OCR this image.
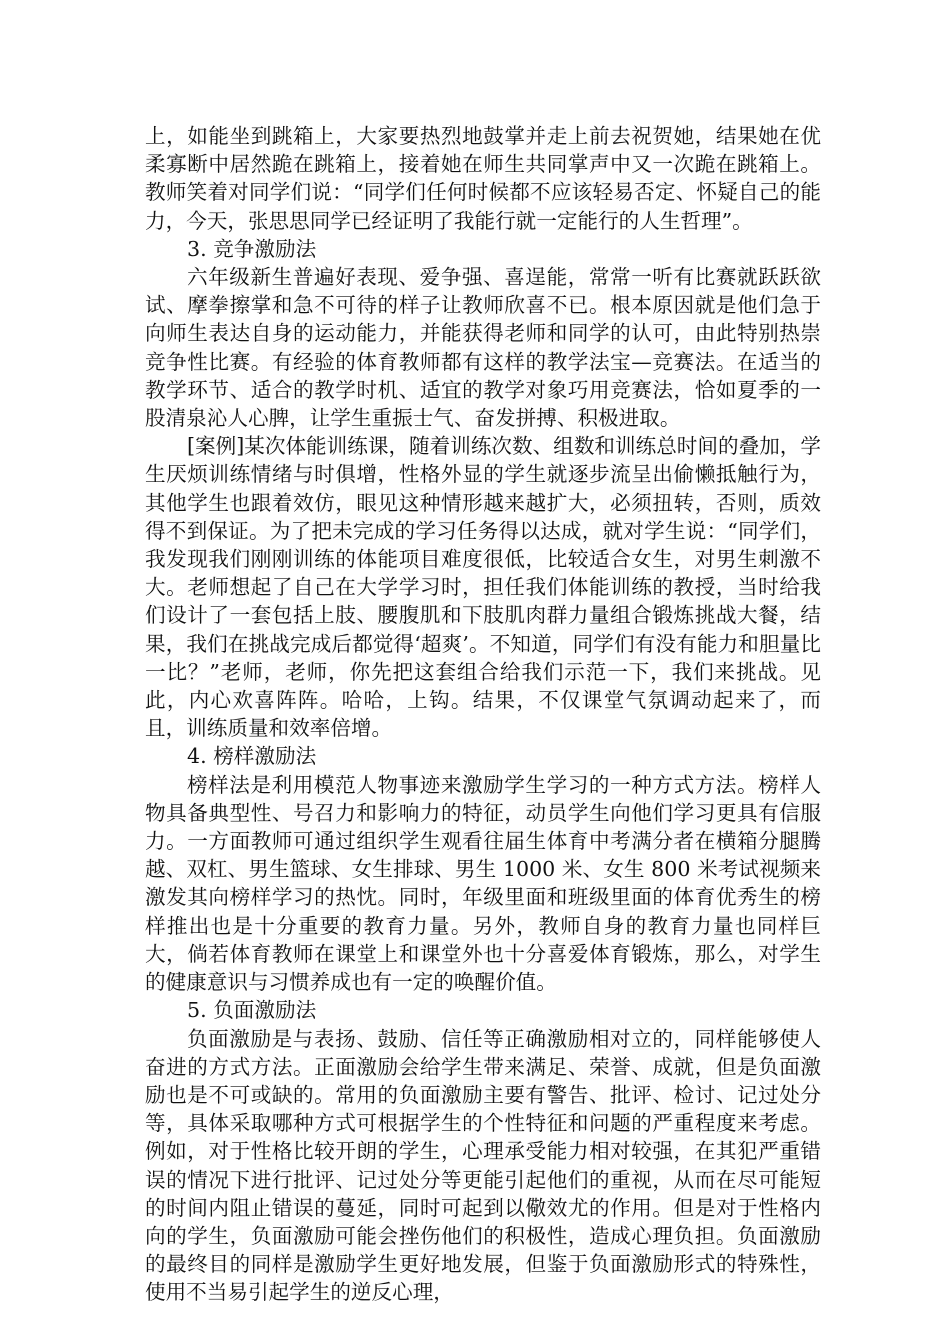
上，如能坐到跳箱上，大家要热烈地鼓掌并走上前去祝贺她，结果她在优柔寡断中居然跪在跳箱上，接着她在师生共同掌声中又一次跪在跳箱上。教师笑着对同学们说：“同学们任何时候都不应该轻易否定、怀疑自己的能力，今天，张思思同学已经证明了我能行就一定能行的人生哲理”。

3. 竞争激励法

六年级新生普遍好表现、爱争强、喜逞能，常常一听有比赛就跃跃欲试、摩拳擦掌和急不可待的样子让教师欣喜不已。根本原因就是他们急于向师生表达自身的运动能力，并能获得老师和同学的认可，由此特别热崇竞争性比赛。有经验的体育教师都有这样的教学法宝—竞赛法。在适当的教学环节、适合的教学时机、适宜的教学对象巧用竞赛法，恰如夏季的一股清泉沁人心脾，让学生重振士气、奋发拼搏、积极进取。

[案例]某次体能训练课，随着训练次数、组数和训练总时间的叠加，学生厌烦训练情绪与时俱增，性格外显的学生就逐步流呈出偷懒抵触行为，其他学生也跟着效仿，眼见这种情形越来越扩大，必须扭转，否则，质效得不到保证。为了把未完成的学习任务得以达成，就对学生说：“同学们，我发现我们刚刚训练的体能项目难度很低，比较适合女生，对男生刺激不大。老师想起了自己在大学学习时，担任我们体能训练的教授，当时给我们设计了一套包括上肢、腰腹肌和下肢肌肉群力量组合锻炼挑战大餐，结果，我们在挑战完成后都觉得‘超爽’。不知道，同学们有没有能力和胆量比一比？”老师，老师，你先把这套组合给我们示范一下，我们来挑战。见此，内心欢喜阵阵。哈哈，上钩。结果，不仅课堂气氛调动起来了，而且，训练质量和效率倍增。

4. 榜样激励法

榜样法是利用模范人物事迹来激励学生学习的一种方式方法。榜样人物具备典型性、号召力和影响力的特征，动员学生向他们学习更具有信服力。一方面教师可通过组织学生观看往届生体育中考满分者在横箱分腿腾越、双杠、男生篮球、女生排球、男生 1000 米、女生 800 米考试视频来激发其向榜样学习的热忱。同时，年级里面和班级里面的体育优秀生的榜样推出也是十分重要的教育力量。另外，教师自身的教育力量也同样巨大，倘若体育教师在课堂上和课堂外也十分喜爱体育锻炼，那么，对学生的健康意识与习惯养成也有一定的唤醒价值。

5. 负面激励法

负面激励是与表扬、鼓励、信任等正确激励相对立的，同样能够使人奋进的方式方法。正面激励会给学生带来满足、荣誉、成就，但是负面激励也是不可或缺的。常用的负面激励主要有警告、批评、检讨、记过处分等，具体采取哪种方式可根据学生的个性特征和问题的严重程度来考虑。例如，对于性格比较开朗的学生，心理承受能力相对较强，在其犯严重错误的情况下进行批评、记过处分等更能引起他们的重视，从而在尽可能短的时间内阻止错误的蔓延，同时可起到以儆效尤的作用。但是对于性格内向的学生，负面激励可能会挫伤他们的积极性，造成心理负担。负面激励的最终目的同样是激励学生更好地发展，但鉴于负面激励形式的特殊性，使用不当易引起学生的逆反心理，
